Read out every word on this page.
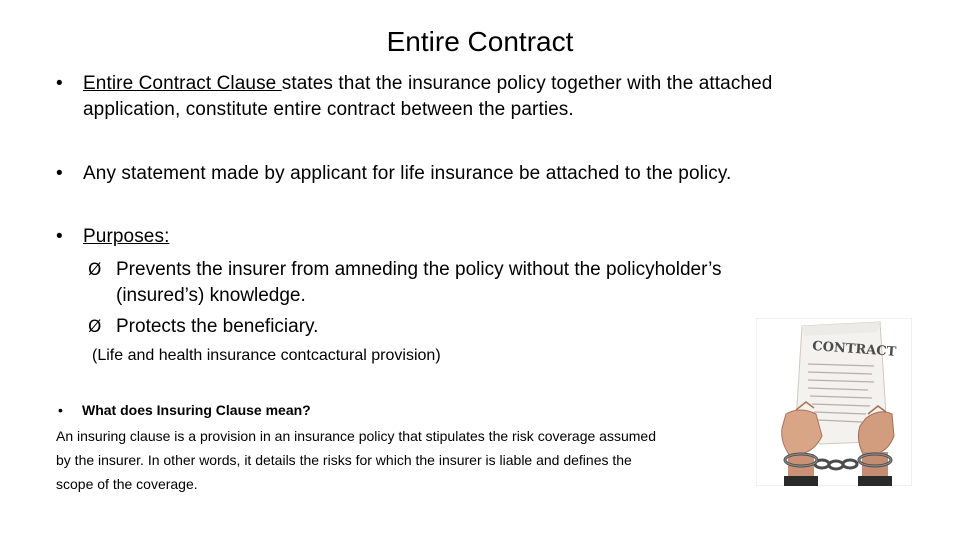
Entire Contract
• Entire Contract Clause states that the insurance policy together with the attached
application, constitute entire contract between the parties.
• Any statement made by applicant for life insurance be attached to the policy.
• Purposes:
Ø Prevents the insurer from amneding the policy without the policyholder’s
(insured’s) knowledge.
Ø Protects the beneficiary.
(Life and health insurance contcactural provision)
• What does Insuring Clause mean?
An insuring clause is a provision in an insurance policy that stipulates the risk coverage assumed
by the insurer. In other words, it details the risks for which the insurer is liable and defines the
scope of the coverage.
CONTRACT
